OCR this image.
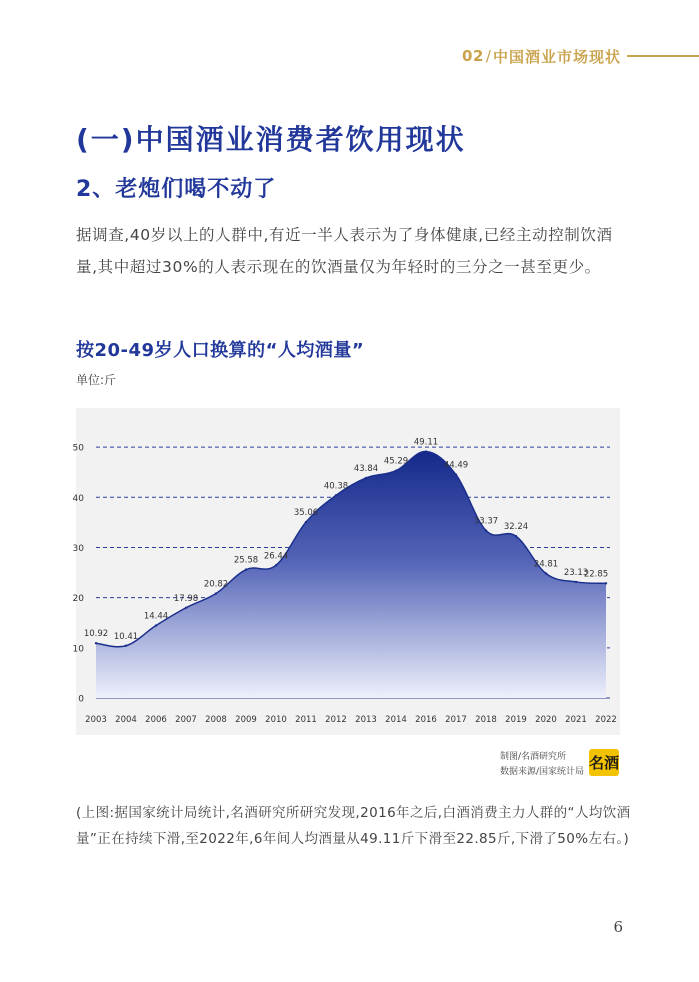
02 / 中国酒业市场现状
(一)中国酒业消费者饮用现状
2、老炮们喝不动了
据调查,40岁以上的人群中,有近一半人表示为了身体健康,已经主动控制饮酒量,其中超过30%的人表示现在的饮酒量仅为年轻时的三分之一甚至更少。
按20-49岁人口换算的“人均酒量”
单位:斤
10.92 10.41
14.44
17.98
20.82
25.58 26.44
35.06
40.38
43.84
45.29
49.11
44.49
33.37
32.24
24.81
23.13
22.85
0
10
20
30
40
50
2003 2004 2006 2007 2008 2009 2010 2011 2012 2013 2014 2016 2017 2018 2019 2020 2021 2022
制图/名酒研究所
数据来源/国家统计局 名酒
(上图:据国家统计局统计,名酒研究所研究发现,2016年之后,白酒消费主力人群的“人均饮酒量”正在持续下滑,至2022年,6年间人均酒量从49.11斤下滑至22.85斤,下滑了50%左右。)
6
